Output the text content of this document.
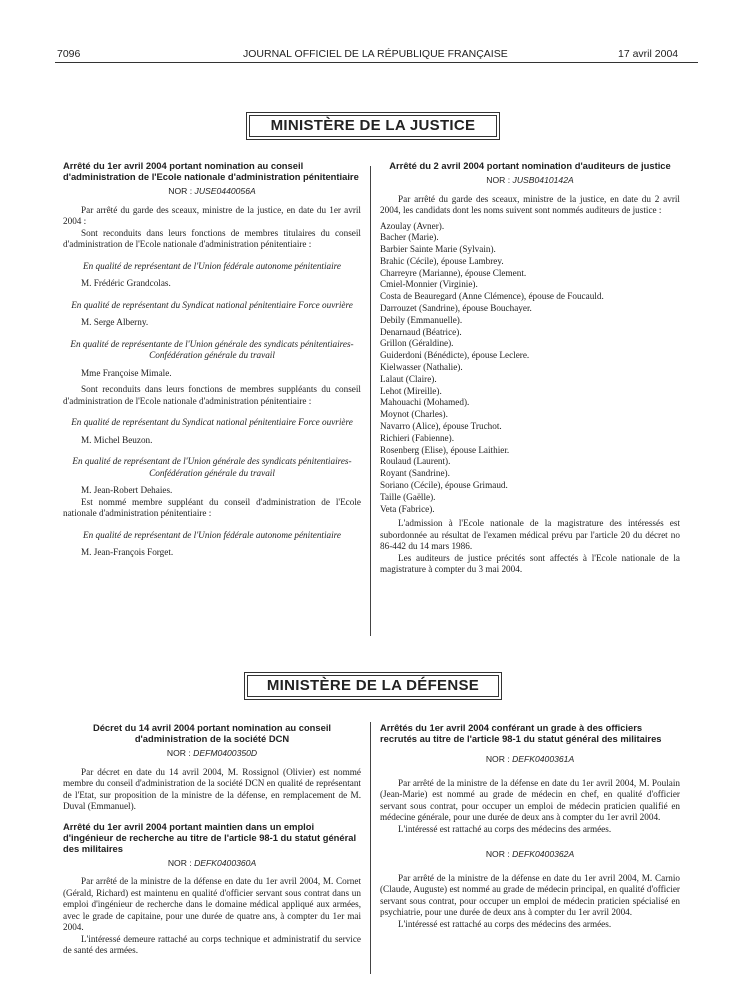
7096	JOURNAL OFFICIEL DE LA RÉPUBLIQUE FRANÇAISE	17 avril 2004
MINISTÈRE DE LA JUSTICE
Arrêté du 1er avril 2004 portant nomination au conseil d'administration de l'Ecole nationale d'administration pénitentiaire
NOR : JUSE0440056A

Par arrêté du garde des sceaux, ministre de la justice, en date du 1er avril 2004 :

Sont reconduits dans leurs fonctions de membres titulaires du conseil d'administration de l'Ecole nationale d'administration pénitentiaire :

En qualité de représentant de l'Union fédérale autonome pénitentiaire
M. Frédéric Grandcolas.
En qualité de représentant du Syndicat national pénitentiaire Force ouvrière
M. Serge Alberny.
En qualité de représentante de l'Union générale des syndicats pénitentiaires-Confédération générale du travail
Mme Françoise Mimale.

Sont reconduits dans leurs fonctions de membres suppléants du conseil d'administration de l'Ecole nationale d'administration pénitentiaire :

En qualité de représentant du Syndicat national pénitentiaire Force ouvrière
M. Michel Beuzon.
En qualité de représentant de l'Union générale des syndicats pénitentiaires-Confédération générale du travail
M. Jean-Robert Dehaies.

Est nommé membre suppléant du conseil d'administration de l'Ecole nationale d'administration pénitentiaire :

En qualité de représentant de l'Union fédérale autonome pénitentiaire
M. Jean-François Forget.
Arrêté du 2 avril 2004 portant nomination d'auditeurs de justice
NOR : JUSB0410142A

Par arrêté du garde des sceaux, ministre de la justice, en date du 2 avril 2004, les candidats dont les noms suivent sont nommés auditeurs de justice :

Azoulay (Avner).
Bacher (Marie).
Barbier Sainte Marie (Sylvain).
Brahic (Cécile), épouse Lambrey.
Charreyre (Marianne), épouse Clement.
Cmiel-Monnier (Virginie).
Costa de Beauregard (Anne Clémence), épouse de Foucauld.
Darrouzet (Sandrine), épouse Bouchayer.
Debily (Emmanuelle).
Denarnaud (Béatrice).
Grillon (Géraldine).
Guiderdoni (Bénédicte), épouse Leclere.
Kielwasser (Nathalie).
Lalaut (Claire).
Lehot (Mireille).
Mahouachi (Mohamed).
Moynot (Charles).
Navarro (Alice), épouse Truchot.
Richieri (Fabienne).
Rosenberg (Elise), épouse Laithier.
Roulaud (Laurent).
Royant (Sandrine).
Soriano (Cécile), épouse Grimaud.
Taille (Gaëlle).
Veta (Fabrice).

L'admission à l'Ecole nationale de la magistrature des intéressés est subordonnée au résultat de l'examen médical prévu par l'article 20 du décret no 86-442 du 14 mars 1986.

Les auditeurs de justice précités sont affectés à l'Ecole nationale de la magistrature à compter du 3 mai 2004.

MINISTÈRE DE LA DÉFENSE
Décret du 14 avril 2004 portant nomination au conseil d'administration de la société DCN
NOR : DEFM0400350D

Par décret en date du 14 avril 2004, M. Rossignol (Olivier) est nommé membre du conseil d'administration de la société DCN en qualité de représentant de l'Etat, sur proposition de la ministre de la défense, en remplacement de M. Duval (Emmanuel).

Arrêté du 1er avril 2004 portant maintien dans un emploi d'ingénieur de recherche au titre de l'article 98-1 du statut général des militaires
NOR : DEFK0400360A

Par arrêté de la ministre de la défense en date du 1er avril 2004, M. Cornet (Gérald, Richard) est maintenu en qualité d'officier servant sous contrat dans un emploi d'ingénieur de recherche dans le domaine médical appliqué aux armées, avec le grade de capitaine, pour une durée de quatre ans, à compter du 1er mai 2004.

L'intéressé demeure rattaché au corps technique et administratif du service de santé des armées.

Arrêtés du 1er avril 2004 conférant un grade à des officiers recrutés au titre de l'article 98-1 du statut général des militaires
NOR : DEFK0400361A

Par arrêté de la ministre de la défense en date du 1er avril 2004, M. Poulain (Jean-Marie) est nommé au grade de médecin en chef, en qualité d'officier servant sous contrat, pour occuper un emploi de médecin praticien qualifié en médecine générale, pour une durée de deux ans à compter du 1er avril 2004.

L'intéressé est rattaché au corps des médecins des armées.

NOR : DEFK0400362A

Par arrêté de la ministre de la défense en date du 1er avril 2004, M. Carnio (Claude, Auguste) est nommé au grade de médecin principal, en qualité d'officier servant sous contrat, pour occuper un emploi de médecin praticien spécialisé en psychiatrie, pour une durée de deux ans à compter du 1er avril 2004.

L'intéressé est rattaché au corps des médecins des armées.
